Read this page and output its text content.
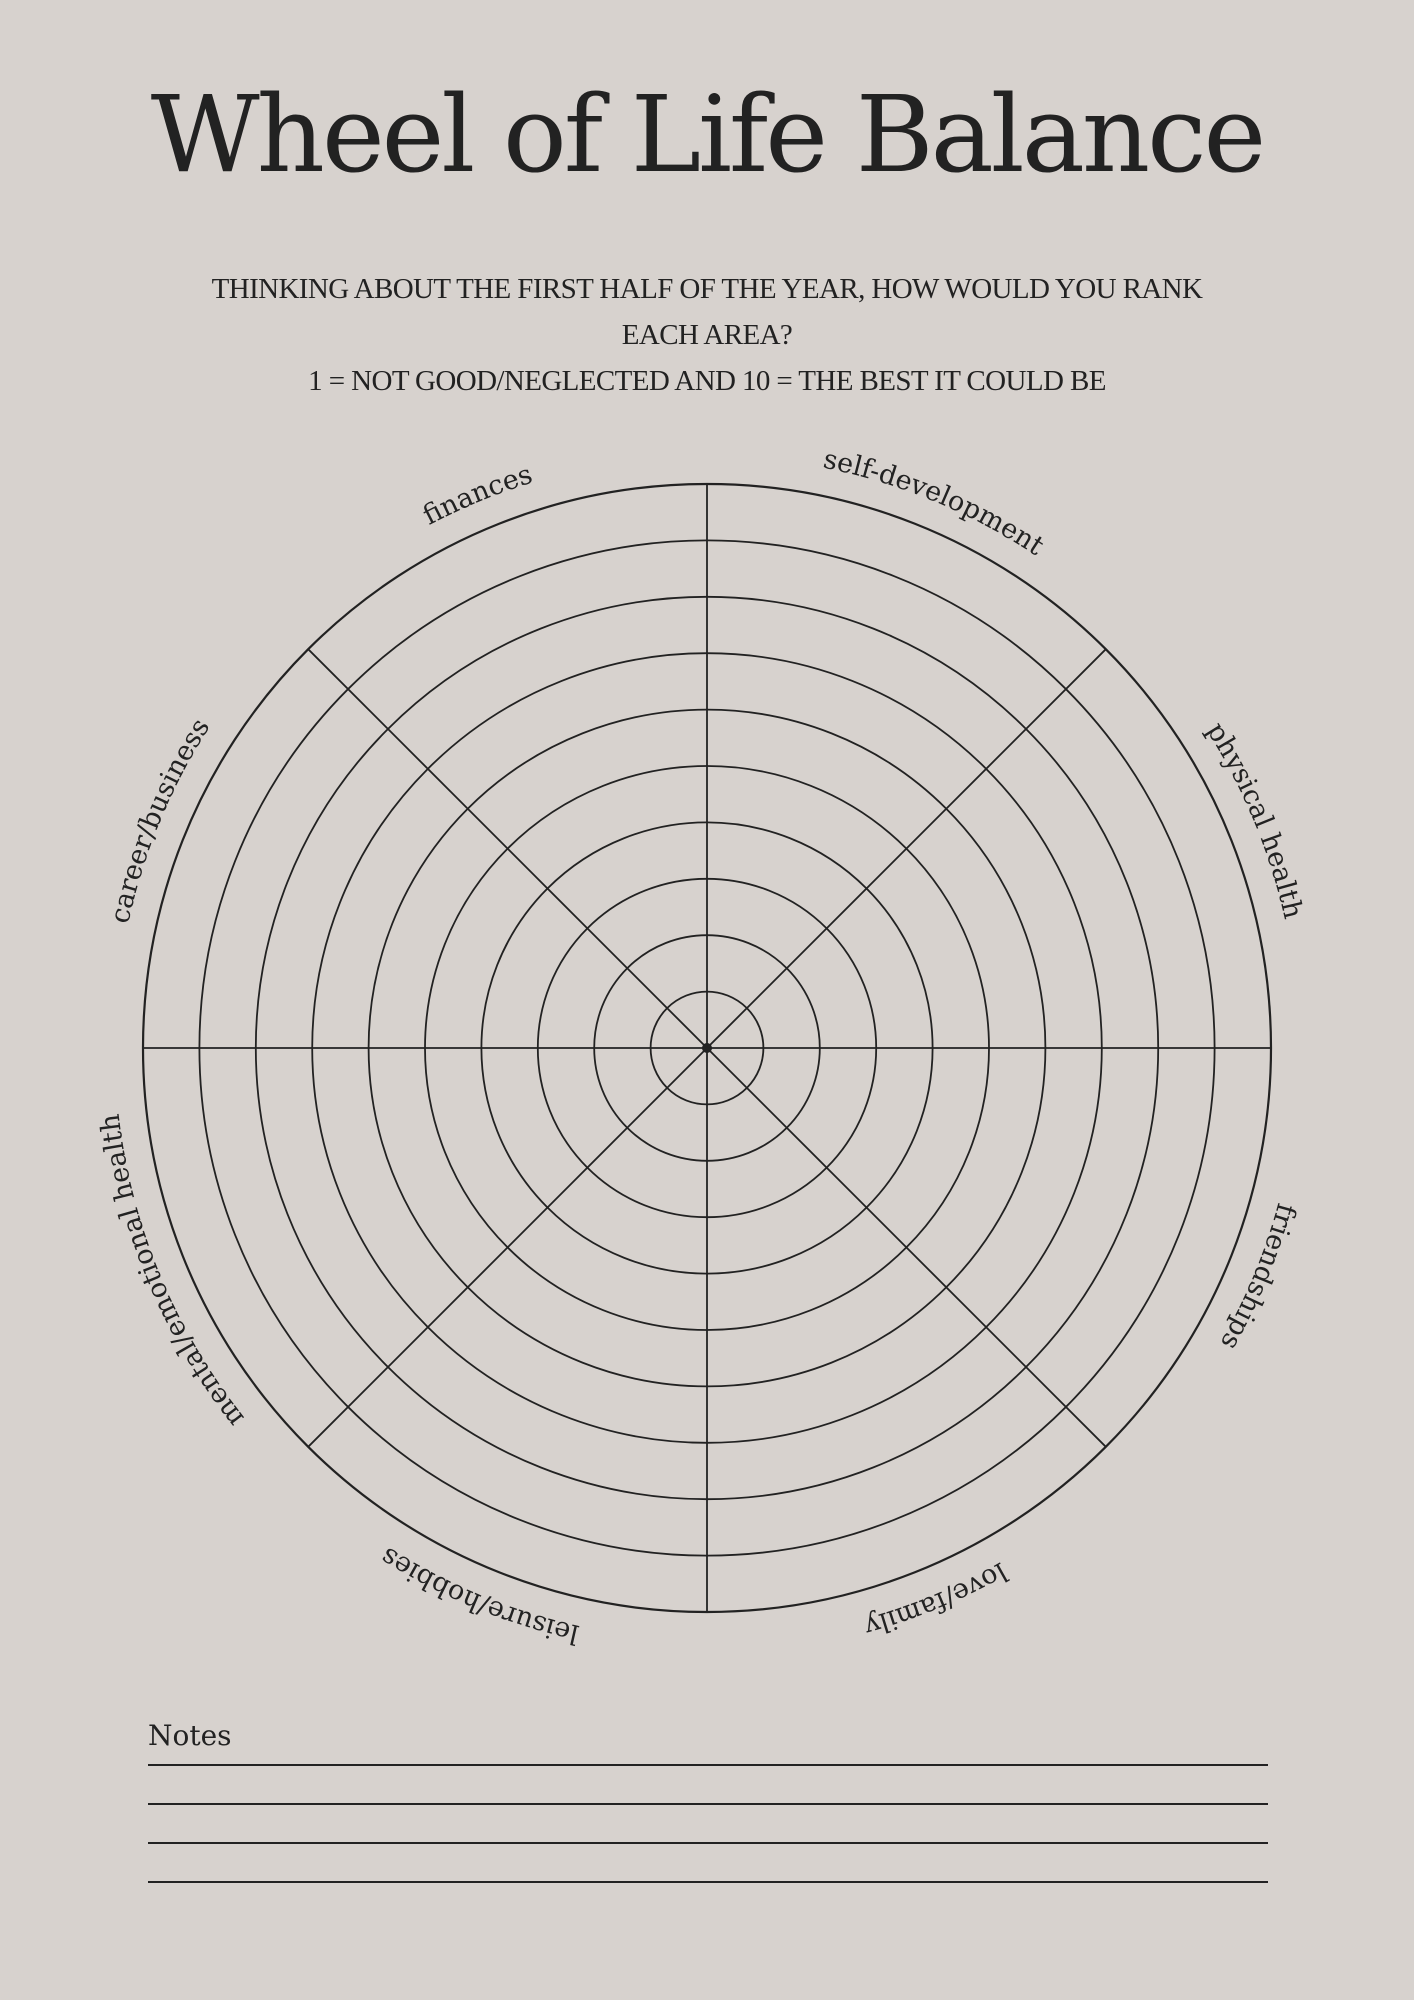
Wheel of Life Balance
THINKING ABOUT THE FIRST HALF OF THE YEAR, HOW WOULD YOU RANK
EACH AREA?
1 = NOT GOOD/NEGLECTED AND 10 = THE BEST IT COULD BE
self-development
physical health
friendships
love/family
leisure/hobbies
mental/emotional health
career/business
finances
Notes
